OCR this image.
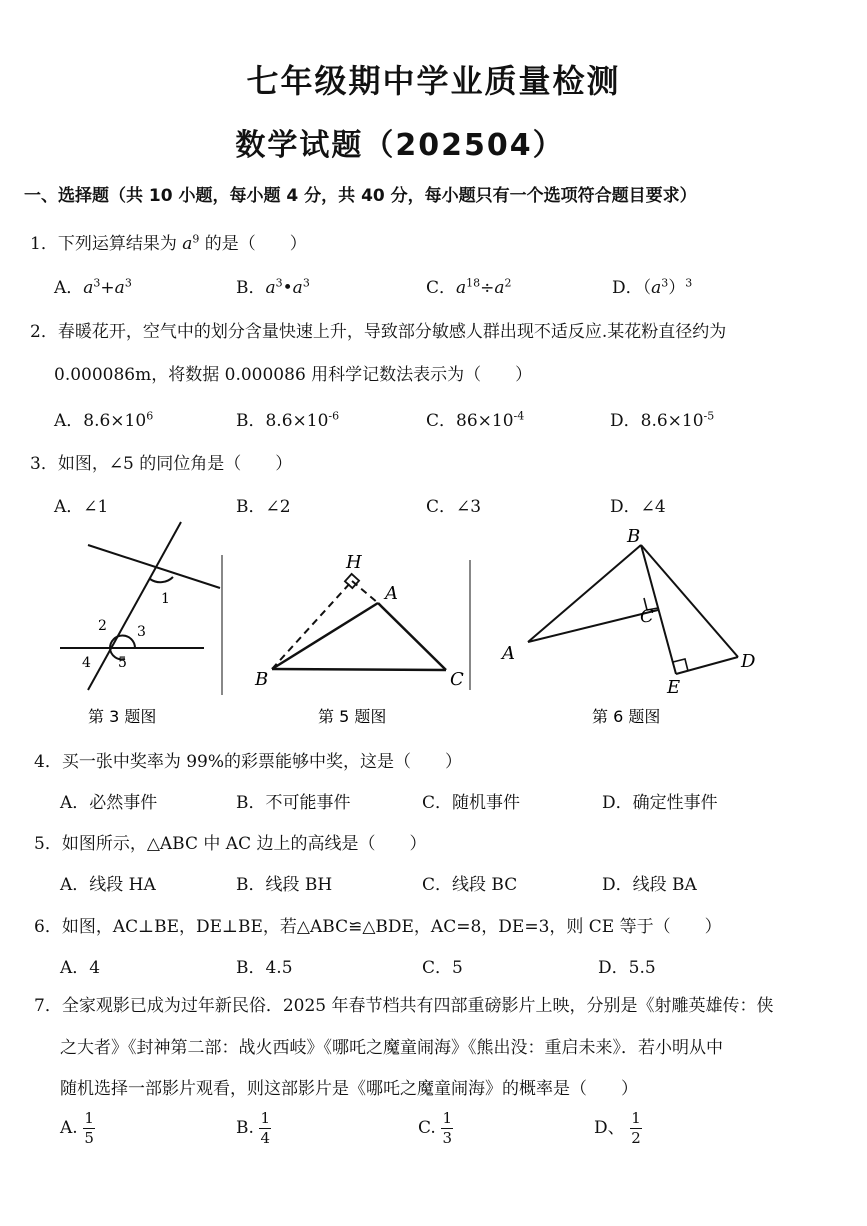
七年级期中学业质量检测
数学试题（202504）
一、选择题（共 10 小题，每小题 4 分，共 40 分，每小题只有一个选项符合题目要求）
1．下列运算结果为 $a^9$ 的是（　　）
A．$a^3+a^3$	B．$a^3•a^3$	C．$a^{18}\div a^2$	D．$(a^3)^3$
2．春暖花开，空气中的划分含量快速上升，导致部分敏感人群出现不适反应.某花粉直径约为
0.000086m，将数据 0.000086 用科学记数法表示为（　　）
A．$8.6\times 10^6$	B．$8.6\times 10^{-6}$	C．$86\times 10^{-4}$	D．$8.6\times 10^{-5}$
3．如图，∠5 的同位角是（　　）
A．∠1	B．∠2	C．∠3	D．∠4
1
2 3
4 5
第 3 题图
H
A
B	C
第 5 题图
B
C
A	D
E
第 6 题图
4．买一张中奖率为 99%的彩票能够中奖，这是（　　）
A．必然事件	B．不可能事件	C．随机事件	D．确定性事件
5．如图所示，△ABC 中 AC 边上的高线是（　　）
A．线段 HA	B．线段 BH	C．线段 BC	D．线段 BA
6．如图，AC⊥BE，DE⊥BE，若△ABC≌△BDE，AC=8，DE=3，则 CE 等于（　　）
A．4	B．4.5	C．5	D．5.5
7．全家观影已成为过年新民俗．2025 年春节档共有四部重磅影片上映，分别是《射雕英雄传：侠
之大者》《封神第二部：战火西岐》《哪吒之魔童闹海》《熊出没：重启未来》．若小明从中
随机选择一部影片观看，则这部影片是《哪吒之魔童闹海》的概率是（　　）
A. $\frac{1}{5}$	B. $\frac{1}{4}$	C. $\frac{1}{3}$	D、 $\frac{1}{2}$
